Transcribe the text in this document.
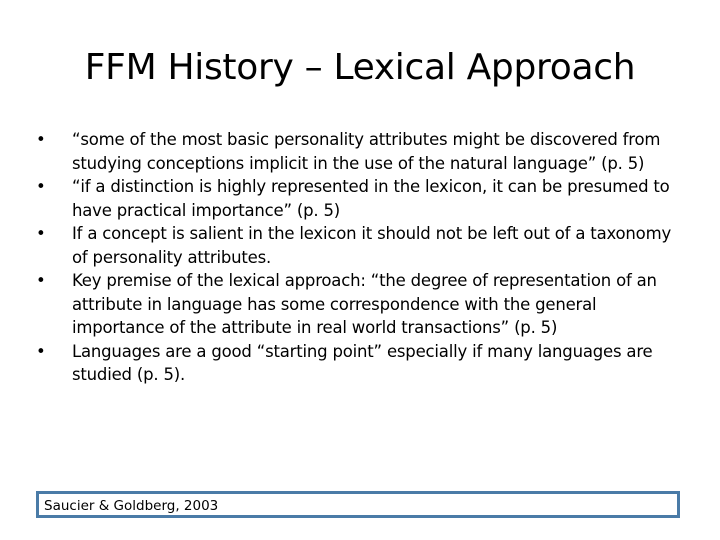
FFM History – Lexical Approach
•	“some of the most basic personality attributes might be discovered from studying conceptions implicit in the use of the natural language” (p. 5)
•	“if a distinction is highly represented in the lexicon, it can be presumed to have practical importance” (p. 5)
•	If a concept is salient in the lexicon it should not be left out of a taxonomy of personality attributes.
•	Key premise of the lexical approach: “the degree of representation of an attribute in language has some correspondence with the general importance of the attribute in real world transactions” (p. 5)
•	Languages are a good “starting point” especially if many languages are studied (p. 5).
Saucier & Goldberg, 2003
